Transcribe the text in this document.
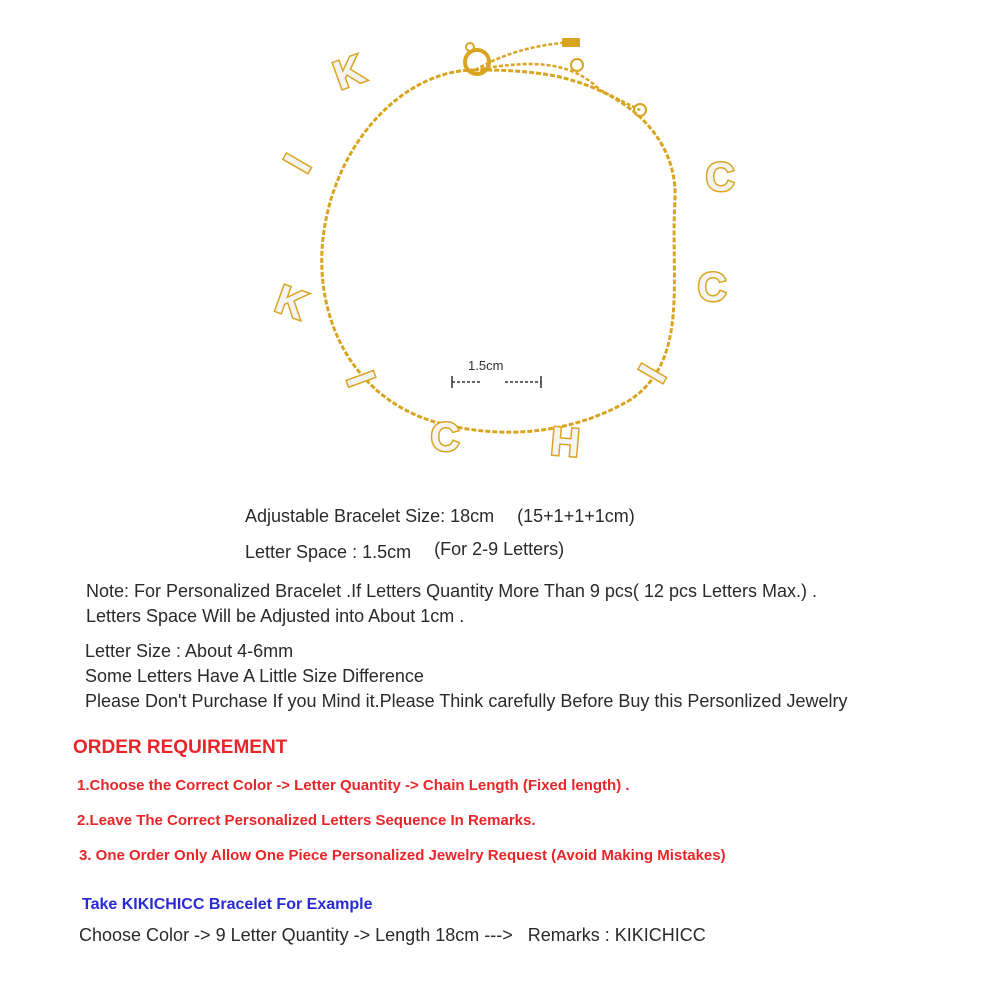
K
I
K
I
C H
I
C
C
1.5cm
Adjustable Bracelet Size: 18cm (15+1+1+1cm)
Letter Space : 1.5cm (For 2-9 Letters)
Note: For Personalized Bracelet .If Letters Quantity More Than 9 pcs( 12 pcs Letters Max.) .
Letters Space Will be Adjusted into About 1cm .
Letter Size : About 4-6mm
Some Letters Have A Little Size Difference
Please Don't Purchase If you Mind it.Please Think carefully Before Buy this Personlized Jewelry
ORDER REQUIREMENT
1.Choose the Correct Color -> Letter Quantity -> Chain Length (Fixed length) .
2.Leave The Correct Personalized Letters Sequence In Remarks.
3. One Order Only Allow One Piece Personalized Jewelry Request (Avoid Making Mistakes)
Take KIKICHICC Bracelet For Example
Choose Color -> 9 Letter Quantity -> Length 18cm ---> Remarks : KIKICHICC
